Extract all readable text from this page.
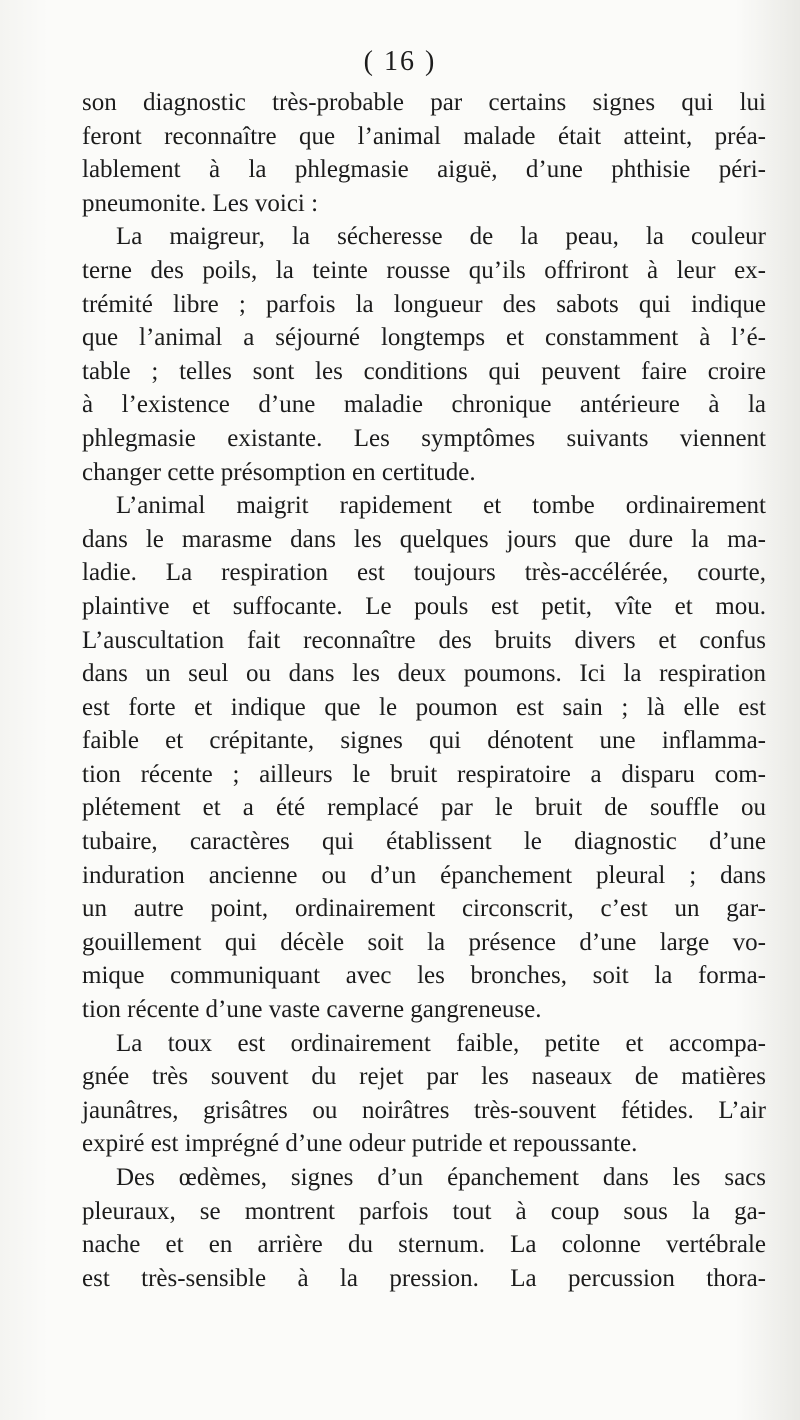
( 16 )
son diagnostic très-probable par certains signes qui lui
feront reconnaître que l’animal malade était atteint, préa-
lablement à la phlegmasie aiguë, d’une phthisie péri-
pneumonite. Les voici :
La maigreur, la sécheresse de la peau, la couleur
terne des poils, la teinte rousse qu’ils offriront à leur ex-
trémité libre ; parfois la longueur des sabots qui indique
que l’animal a séjourné longtemps et constamment à l’é-
table ; telles sont les conditions qui peuvent faire croire
à l’existence d’une maladie chronique antérieure à la
phlegmasie existante. Les symptômes suivants viennent
changer cette présomption en certitude.
L’animal maigrit rapidement et tombe ordinairement
dans le marasme dans les quelques jours que dure la ma-
ladie. La respiration est toujours très-accélérée, courte,
plaintive et suffocante. Le pouls est petit, vîte et mou.
L’auscultation fait reconnaître des bruits divers et confus
dans un seul ou dans les deux poumons. Ici la respiration
est forte et indique que le poumon est sain ; là elle est
faible et crépitante, signes qui dénotent une inflamma-
tion récente ; ailleurs le bruit respiratoire a disparu com-
plétement et a été remplacé par le bruit de souffle ou
tubaire, caractères qui établissent le diagnostic d’une
induration ancienne ou d’un épanchement pleural ; dans
un autre point, ordinairement circonscrit, c’est un gar-
gouillement qui décèle soit la présence d’une large vo-
mique communiquant avec les bronches, soit la forma-
tion récente d’une vaste caverne gangreneuse.
La toux est ordinairement faible, petite et accompa-
gnée très souvent du rejet par les naseaux de matières
jaunâtres, grisâtres ou noirâtres très-souvent fétides. L’air
expiré est imprégné d’une odeur putride et repoussante.
Des œdèmes, signes d’un épanchement dans les sacs
pleuraux, se montrent parfois tout à coup sous la ga-
nache et en arrière du sternum. La colonne vertébrale
est très-sensible à la pression. La percussion thora-
